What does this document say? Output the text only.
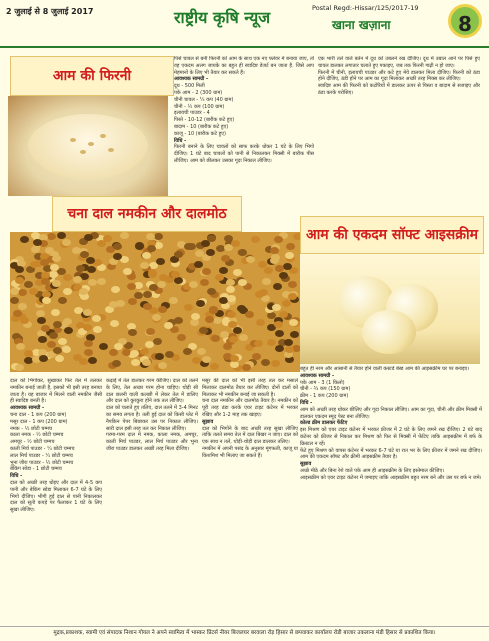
2 जुलाई से 8 जुलाई 2017	राष्ट्रीय कृषि न्यूज	Postal Regd:-Hissar/125/2017-19
खाना खज़ाना	8
आम की फिरनी
पिसे चावल से बनी फिरनी को आम के साथ एक नए फ्लेवर में बनाया जाए, तो वह एकदम अलग जायके का बहुत ही स्वादिष्ट डेजर्ट बन जाता है. जिसे आप मेहमानों के लिए भी तैयार कर सकते हैं।
आवश्यक सामग्री -
दूध - 500 मिली
पके आम - 2 (300 ग्राम)
चीनी चावल - ¼ कप (40 ग्राम)
चीनी - ½ कप (100 ग्राम)
इलायची पाउडर - 4
पिस्ते - 10-12 (बारीक कटे हुए)
बादाम - 10 (बारीक कटे हुए)
काजू - 10 (बारीक कटे हुए)
विधि -
फिरनी बनाने के लिए चावलों को साफ करके धोकर 1 घंटे के लिए भिगो दीजिए। 1 घंटे बाद चावलों को पानी से निकालकर मिक्सी में बारीक पीस लीजिए। आम को छीलकर उसका गूदा निकाल लीजिए।
एक भारी तले वाले बर्तन में दूध को उबलने रख दीजिए। दूध में उबाल आने पर पिसे हुए चावल डालकर लगातार चलाते हुए पकाइए, जब तक फिरनी गाढ़ी न हो जाए।
फिरनी में चीनी, इलायची पाउडर और कटे हुए मेवे डालकर मिला दीजिए। फिरनी को ठंडा होने दीजिए, ठंडी होने पर आम का गूदा मिलाकर अच्छी तरह मिक्स कर लीजिए।
स्वादिष्ट आम की फिरनी को कटोरियों में डालकर ऊपर से पिस्ता व बादाम से सजाइए और ठंडा करके परोसिए।
चना दाल नमकीन और दालमोठ
दाल को भिगोकर, सुखाकर फिर तेल में तलकर नमकीन बनाई जाती है, इसको भी इसी तरह बनाया जाता है। यह बाजार में मिलने वाली नमकीन जैसी ही स्वादिष्ट बनती है।
आवश्यक सामग्री -
चना दाल - 1 कप (200 ग्राम)
मसूर दाल - 1 कप (200 ग्राम)
नमक - ½ छोटी चम्मच
काला नमक - ½ छोटी चम्मच
अमचूर - ½ छोटी चम्मच
काली मिर्च पाउडर - ¼ छोटी चम्मच
लाल मिर्च पाउडर - ¼ छोटी चम्मच
भुना जीरा पाउडर - ½ छोटी चम्मच
बेकिंग सोडा - 1 छोटी चम्मच
विधि -
दाल को अच्छी तरह धोइए और दाल में 4-5 कप पानी और बेकिंग सोडा मिलाकर 6-7 घंटे के लिए भिगो दीजिए। भीगी हुई दाल से पानी निकालकर दाल को सूती कपड़े पर फैलाकर 1 घंटे के लिए सुखा लीजिए।
कढ़ाई में तेल डालकर गरम कीजिए। दाल को तलने के लिए, तेल अच्छा गरम होना चाहिए। थोड़ी सी दाल छलनी वाली कलछी में लेकर तेल में डालिए और दाल को कुरकुरा होने तक तल लीजिए।
दाल को चलाते हुए तलिए, दाल तलने में 3-4 मिनट का समय लगता है। तली हुई दाल को किसी प्लेट में नैपकिन पेपर बिछाकर उस पर निकाल लीजिए। सारी दाल इसी तरह तल कर निकाल लीजिए।
गरमा-गरम दाल में नमक, काला नमक, अमचूर, काली मिर्च पाउडर, लाल मिर्च पाउडर और भुना जीरा पाउडर डालकर अच्छी तरह मिला दीजिए।
मसूर की दाल को भी इसी तरह तल कर मसाले मिलाकर दालमोठ तैयार कर लीजिए। दोनों दालों को मिलाकर भी नमकीन बनाई जा सकती है।
चना दाल नमकीन और दालमोठ तैयार है। नमकीन को पूरी तरह ठंडा करके एयर टाइट कंटेनर में भरकर रखिए और 1-2 माह तक खाइए।
सुझाव
दाल को भिगोने के बाद अच्छी तरह सुखा लीजिए ताकि तलते समय तेल में दाल बिखर न जाए। दाल को एक साथ न तलें, थोड़ी-थोड़ी दाल डालकर तलिए।
नमकीन में अपनी पसंद के अनुसार मूंगफली, काजू या किशमिश भी मिलाए जा सकते हैं।
आम की एकदम सॉफ्ट आइसक्रीम
बहुत ही नरम और आसानी से तैयार होने वाली कस्टर्ड बेस्ड आम की आइसक्रीम घर पर बनाइए।
आवश्यक सामग्री -
पके आम - 3 (1 किलो)
चीनी - ¾ कप (150 ग्राम)
क्रीम - 1 कप (200 ग्राम)
विधि -
आम को अच्छी तरह धोकर छीलिए और गूदा निकाल लीजिए। आम का गूदा, चीनी और क्रीम मिक्सी में डालकर एकदम स्मूद पेस्ट बना लीजिए।
कोल्ड क्रीम डालकर फेंटिए
इस मिश्रण को एयर टाइट कंटेनर में भरकर फ्रीजर में 2 घंटे के लिए जमने रख दीजिए। 2 घंटे बाद कंटेनर को फ्रीजर से निकाल कर मिश्रण को फिर से मिक्सी में फेंटिए ताकि आइसक्रीम में बर्फ के क्रिस्टल न रहें।
फेंटे हुए मिश्रण को वापस कंटेनर में भरकर 6-7 घंटे या रात भर के लिए फ्रीजर में जमने रख दीजिए। आम की एकदम सॉफ्ट और क्रीमी आइसक्रीम तैयार है।
सुझाव
अच्छे मीठे और बिना रेशे वाले पके आम ही आइसक्रीम के लिए इस्तेमाल कीजिए।
आइसक्रीम को एयर टाइट कंटेनर में जमाइए ताकि आइसक्रीम बहुत नरम बने और उस पर बर्फ न जमे।
मुद्रक,प्रकाशक, स्वामी एवं संपादक निशान गोयल ने अपने स्वामित्व में भास्कर प्रिंटर्स नीयर बिजलघर बरवाला रोड़ हिसार से छपवाकर कार्यालय रोडी बाजार उकलाना मंडी हिसार से प्रकाशित किया।
